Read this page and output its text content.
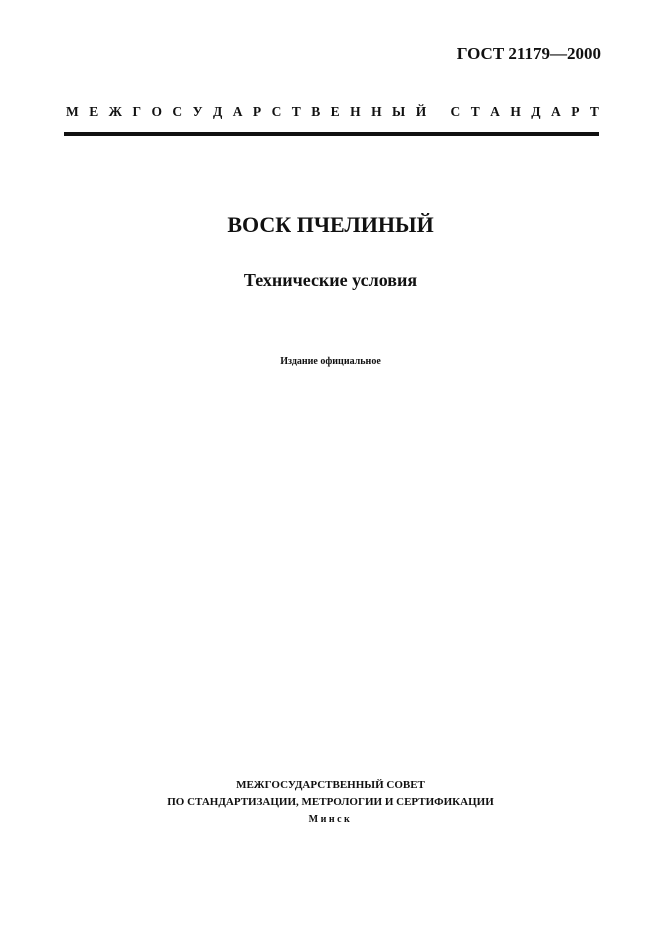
ГОСТ 21179—2000
М Е Ж Г О С У Д А Р С Т В Е Н Н Ы Й
С Т А Н Д А Р Т
ВОСК ПЧЕЛИНЫЙ
Технические условия
Издание официальное
МЕЖГОСУДАРСТВЕННЫЙ СОВЕТ
ПО СТАНДАРТИЗАЦИИ, МЕТРОЛОГИИ И СЕРТИФИКАЦИИ
Минск
